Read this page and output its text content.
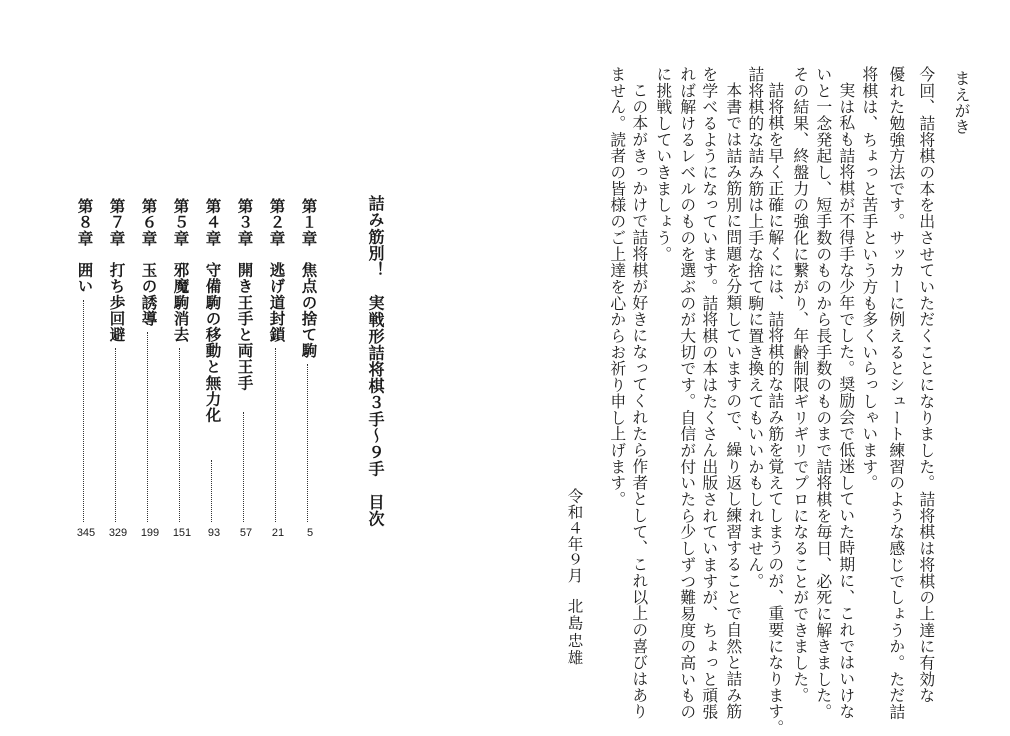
まえがき
今回、詰将棋の本を出させていただくことになりました。詰将棋は将棋の上達に有効な
優れた勉強方法です。サッカーに例えるとシュート練習のような感じでしょうか。ただ詰
将棋は、ちょっと苦手という方も多くいらっしゃいます。
実は私も詰将棋が不得手な少年でした。奨励会で低迷していた時期に、これではいけな
いと一念発起し、短手数のものから長手数のものまで詰将棋を毎日、必死に解きました。
その結果、終盤力の強化に繋がり、年齢制限ギリギリでプロになることができました。
詰将棋を早く正確に解くには、詰将棋的な詰み筋を覚えてしまうのが、重要になります。
詰将棋的な詰み筋は上手な捨て駒に置き換えてもいいかもしれません。
本書では詰み筋別に問題を分類していますので、繰り返し練習することで自然と詰み筋
を学べるようになっています。詰将棋の本はたくさん出版されていますが、ちょっと頑張
れば解けるレベルのものを選ぶのが大切です。自信が付いたら少しずつ難易度の高いもの
に挑戦していきましょう。
この本がきっかけで詰将棋が好きになってくれたら作者として、これ以上の喜びはあり
ません。読者の皆様のご上達を心からお祈り申し上げます。
令和４年９月
北島忠雄
詰み筋別！　実戦形詰将棋３手～９手　目次
第１章
焦点の捨て駒
5
第２章
逃げ道封鎖
21
第３章
開き王手と両王手
57
第４章
守備駒の移動と無力化
93
第５章
邪魔駒消去
151
第６章
玉の誘導
199
第７章
打ち歩回避
329
第８章
囲い
345
